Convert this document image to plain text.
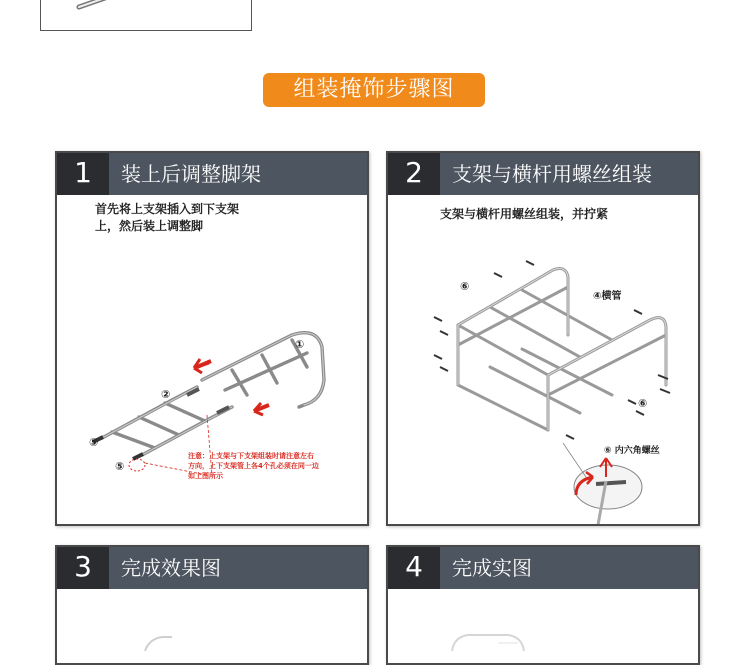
组装掩饰步骤图
1	装上后调整脚架
首先将上支架插入到下支架
上，然后装上调整脚
①
②
⑤
⑤
注意：上支架与下支架组装时请注意左右
方向，上下支架管上各4个孔必须在同一边
如上图所示
2	支架与横杆用螺丝组装
支架与横杆用螺丝组装，并拧紧
⑥
④横管
⑥
⑥ 内六角螺丝
3	完成效果图	4	完成实图
